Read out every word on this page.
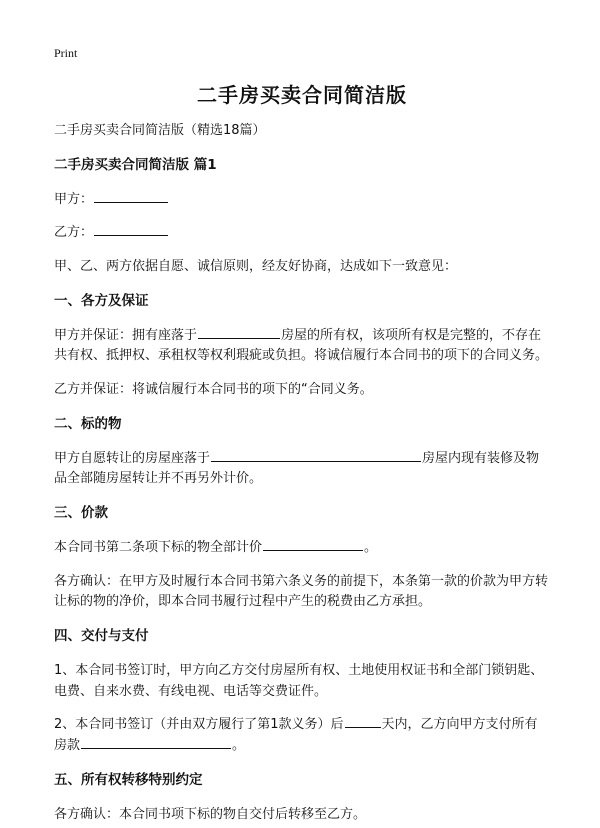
Print

二手房买卖合同简洁版

二手房买卖合同简洁版（精选18篇）

二手房买卖合同简洁版 篇1

甲方：

乙方：

甲、乙、两方依据自愿、诚信原则，经友好协商，达成如下一致意见：

一、各方及保证

甲方并保证：拥有座落于	房屋的所有权，该项所有权是完整的，不存在共有权、抵押权、承租权等权利瑕疵或负担。将诚信履行本合同书的项下的合同义务。

乙方并保证：将诚信履行本合同书的项下的“合同义务。

二、标的物

甲方自愿转让的房屋座落于	房屋内现有装修及物品全部随房屋转让并不再另外计价。

三、价款

本合同书第二条项下标的物全部计价	。

各方确认：在甲方及时履行本合同书第六条义务的前提下，本条第一款的价款为甲方转让标的物的净价，即本合同书履行过程中产生的税费由乙方承担。

四、交付与支付

1、本合同书签订时，甲方向乙方交付房屋所有权、土地使用权证书和全部门锁钥匙、电费、自来水费、有线电视、电话等交费证件。

2、本合同书签订（并由双方履行了第1款义务）后	天内，乙方向甲方支付所有房款	。

五、所有权转移特别约定

各方确认：本合同书项下标的物自交付后转移至乙方。
